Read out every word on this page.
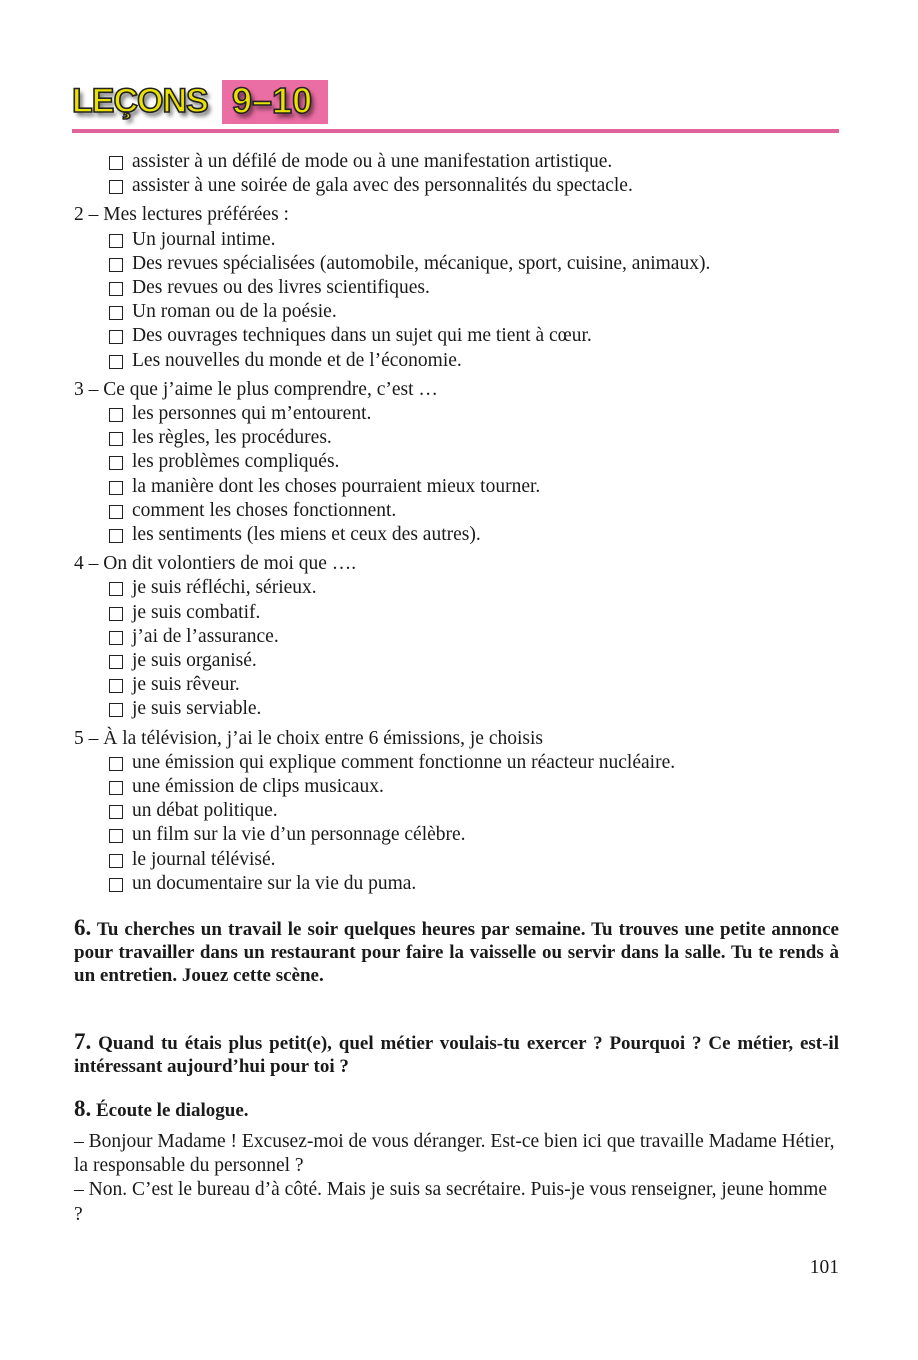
LEÇONS 9–10
assister à un défilé de mode ou à une manifestation artistique.
assister à une soirée de gala avec des personnalités du spectacle.
2 – Mes lectures préférées :
Un journal intime.
Des revues spécialisées (automobile, mécanique, sport, cuisine, animaux).
Des revues ou des livres scientifiques.
Un roman ou de la poésie.
Des ouvrages techniques dans un sujet qui me tient à cœur.
Les nouvelles du monde et de l’économie.
3 – Ce que j’aime le plus comprendre, c’est …
les personnes qui m’entourent.
les règles, les procédures.
les problèmes compliqués.
la manière dont les choses pourraient mieux tourner.
comment les choses fonctionnent.
les sentiments (les miens et ceux des autres).
4 – On dit volontiers de moi que ….
je suis réfléchi, sérieux.
je suis combatif.
j’ai de l’assurance.
je suis organisé.
je suis rêveur.
je suis serviable.
5 – À la télévision, j’ai le choix entre 6 émissions, je choisis
une émission qui explique comment fonctionne un réacteur nucléaire.
une émission de clips musicaux.
un débat politique.
un film sur la vie d’un personnage célèbre.
le journal télévisé.
un documentaire sur la vie du puma.
6. Tu cherches un travail le soir quelques heures par semaine. Tu trouves une petite annonce pour travailler dans un restaurant pour faire la vaisselle ou servir dans la salle. Tu te rends à un entretien. Jouez cette scène.
7. Quand tu étais plus petit(e), quel métier voulais-tu exercer ? Pourquoi ? Ce métier, est-il intéressant aujourd’hui pour toi ?
8. Écoute le dialogue.
– Bonjour Madame ! Excusez-moi de vous déranger. Est-ce bien ici que travaille Madame Hétier, la responsable du personnel ?
– Non. C’est le bureau d’à côté. Mais je suis sa secrétaire. Puis-je vous renseigner, jeune homme ?
101
